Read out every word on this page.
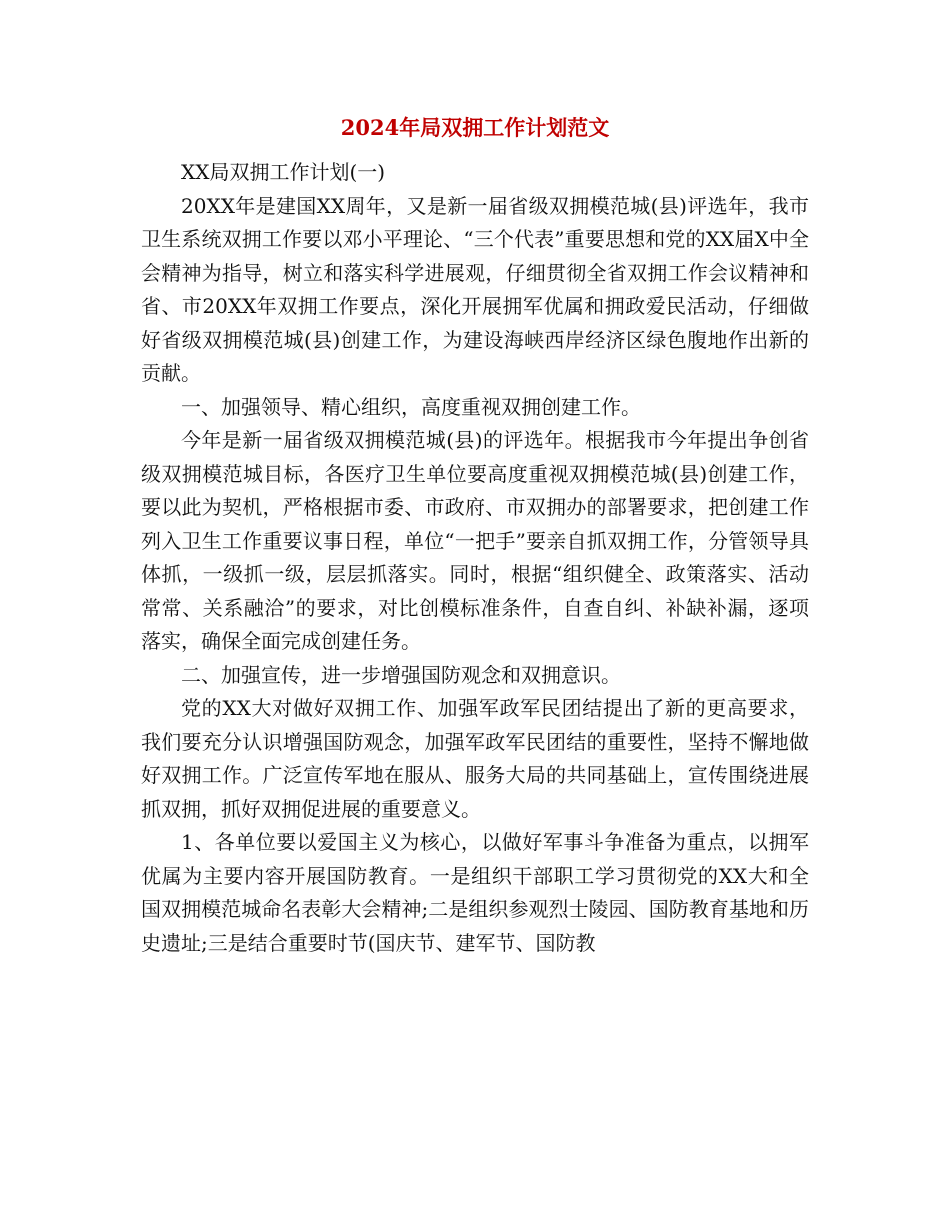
2024年局双拥工作计划范文

XX局双拥工作计划(一)

20XX年是建国XX周年，又是新一届省级双拥模范城(县)评选年，我市卫生系统双拥工作要以邓小平理论、“三个代表”重要思想和党的XX届X中全会精神为指导，树立和落实科学进展观，仔细贯彻全省双拥工作会议精神和省、市20XX年双拥工作要点，深化开展拥军优属和拥政爱民活动，仔细做好省级双拥模范城(县)创建工作，为建设海峡西岸经济区绿色腹地作出新的贡献。

一、加强领导、精心组织，高度重视双拥创建工作。

今年是新一届省级双拥模范城(县)的评选年。根据我市今年提出争创省级双拥模范城目标，各医疗卫生单位要高度重视双拥模范城(县)创建工作，要以此为契机，严格根据市委、市政府、市双拥办的部署要求，把创建工作列入卫生工作重要议事日程，单位“一把手”要亲自抓双拥工作，分管领导具体抓，一级抓一级，层层抓落实。同时，根据“组织健全、政策落实、活动常常、关系融洽”的要求，对比创模标准条件，自查自纠、补缺补漏，逐项落实，确保全面完成创建任务。

二、加强宣传，进一步增强国防观念和双拥意识。

党的XX大对做好双拥工作、加强军政军民团结提出了新的更高要求，我们要充分认识增强国防观念，加强军政军民团结的重要性，坚持不懈地做好双拥工作。广泛宣传军地在服从、服务大局的共同基础上，宣传围绕进展抓双拥，抓好双拥促进展的重要意义。

1、各单位要以爱国主义为核心，以做好军事斗争准备为重点，以拥军优属为主要内容开展国防教育。一是组织干部职工学习贯彻党的XX大和全国双拥模范城命名表彰大会精神;二是组织参观烈士陵园、国防教育基地和历史遗址;三是结合重要时节(国庆节、建军节、国防教
